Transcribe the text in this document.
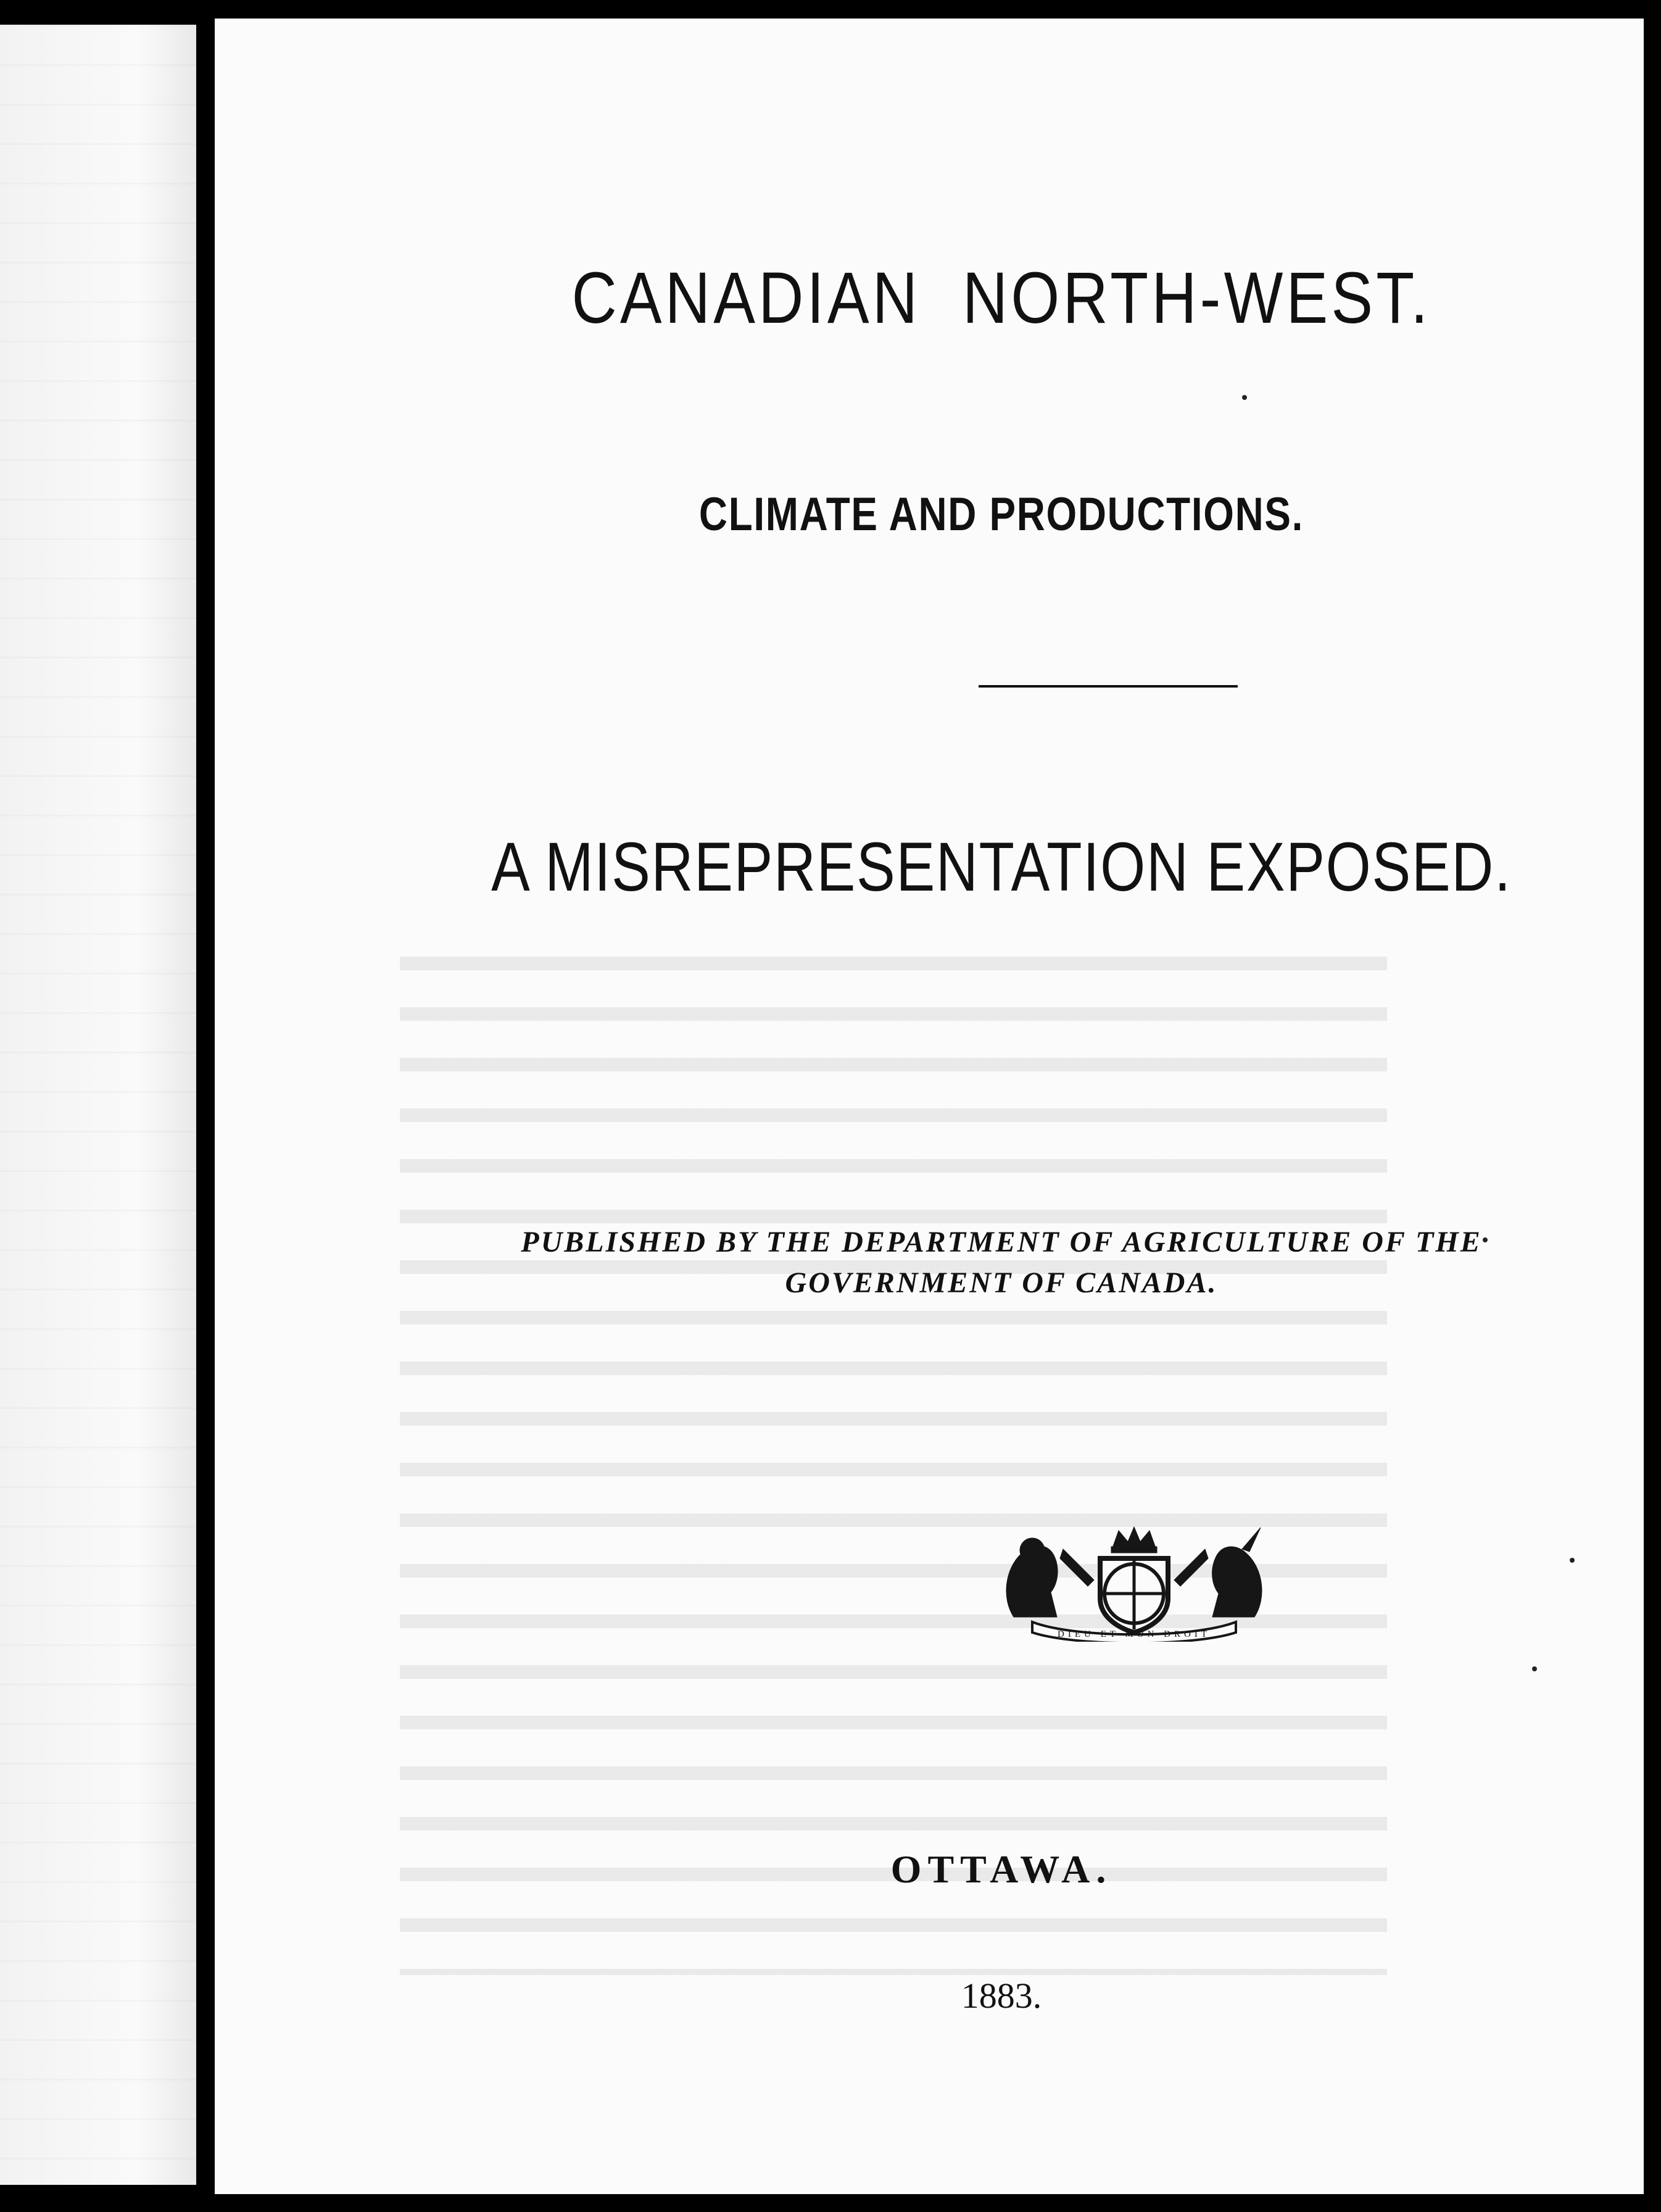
CANADIAN NORTH-WEST.
CLIMATE AND PRODUCTIONS.
A MISREPRESENTATION EXPOSED.
PUBLISHED BY THE DEPARTMENT OF AGRICULTURE OF THE
GOVERNMENT OF CANADA.
DIEU ET MON DROIT
OTTAWA.
1883.
